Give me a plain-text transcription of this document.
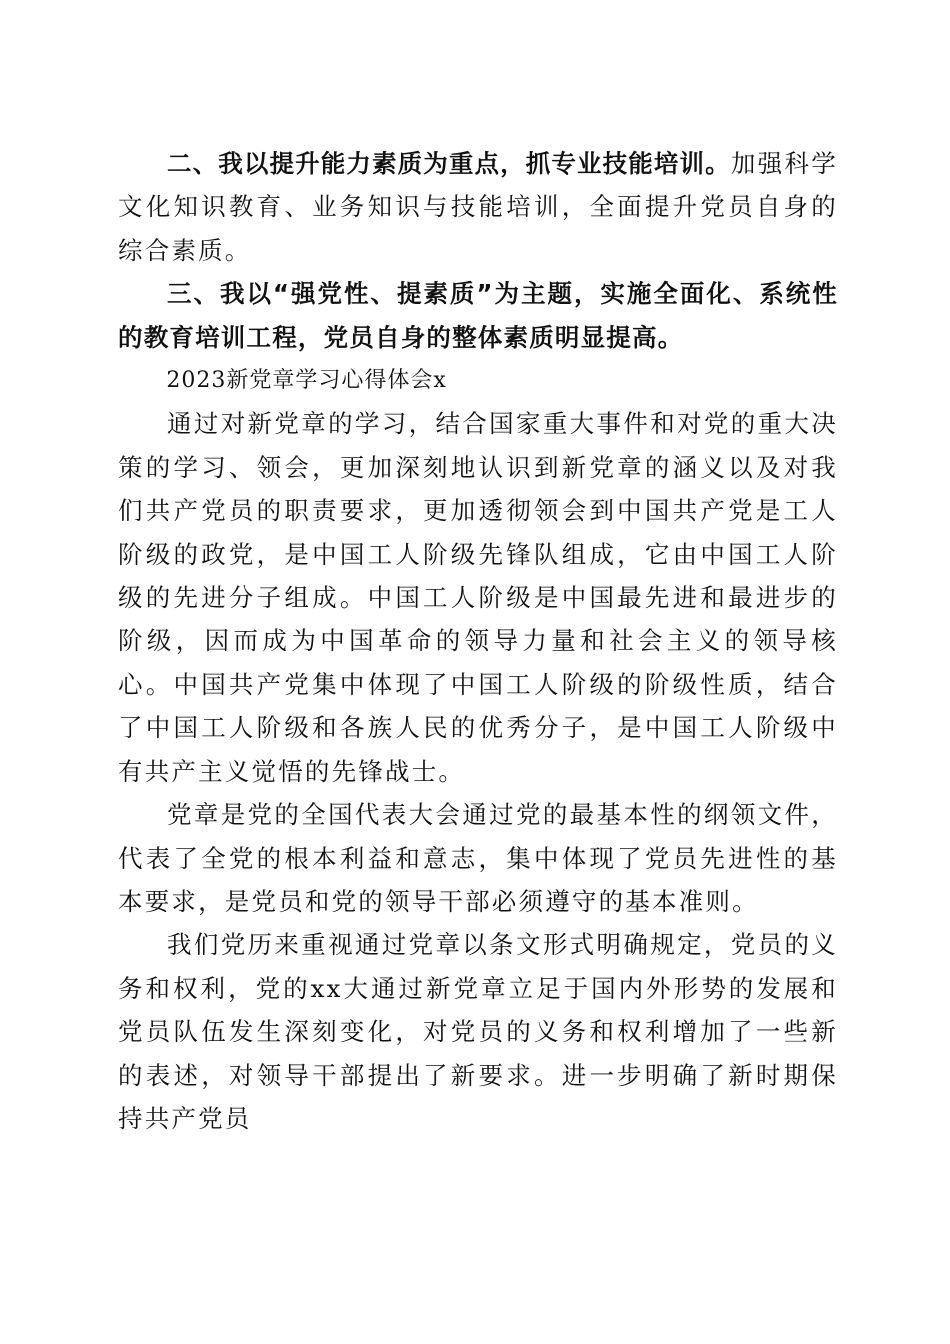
二、我以提升能力素质为重点，抓专业技能培训。加强科学文化知识教育、业务知识与技能培训，全面提升党员自身的综合素质。

三、我以“强党性、提素质”为主题，实施全面化、系统性的教育培训工程，党员自身的整体素质明显提高。

2023新党章学习心得体会x

通过对新党章的学习，结合国家重大事件和对党的重大决策的学习、领会，更加深刻地认识到新党章的涵义以及对我们共产党员的职责要求，更加透彻领会到中国共产党是工人阶级的政党，是中国工人阶级先锋队组成，它由中国工人阶级的先进分子组成。中国工人阶级是中国最先进和最进步的阶级，因而成为中国革命的领导力量和社会主义的领导核心。中国共产党集中体现了中国工人阶级的阶级性质，结合了中国工人阶级和各族人民的优秀分子，是中国工人阶级中有共产主义觉悟的先锋战士。

党章是党的全国代表大会通过党的最基本性的纲领文件，代表了全党的根本利益和意志，集中体现了党员先进性的基本要求，是党员和党的领导干部必须遵守的基本准则。

我们党历来重视通过党章以条文形式明确规定，党员的义务和权利，党的xx大通过新党章立足于国内外形势的发展和党员队伍发生深刻变化，对党员的义务和权利增加了一些新的表述，对领导干部提出了新要求。进一步明确了新时期保持共产党员
